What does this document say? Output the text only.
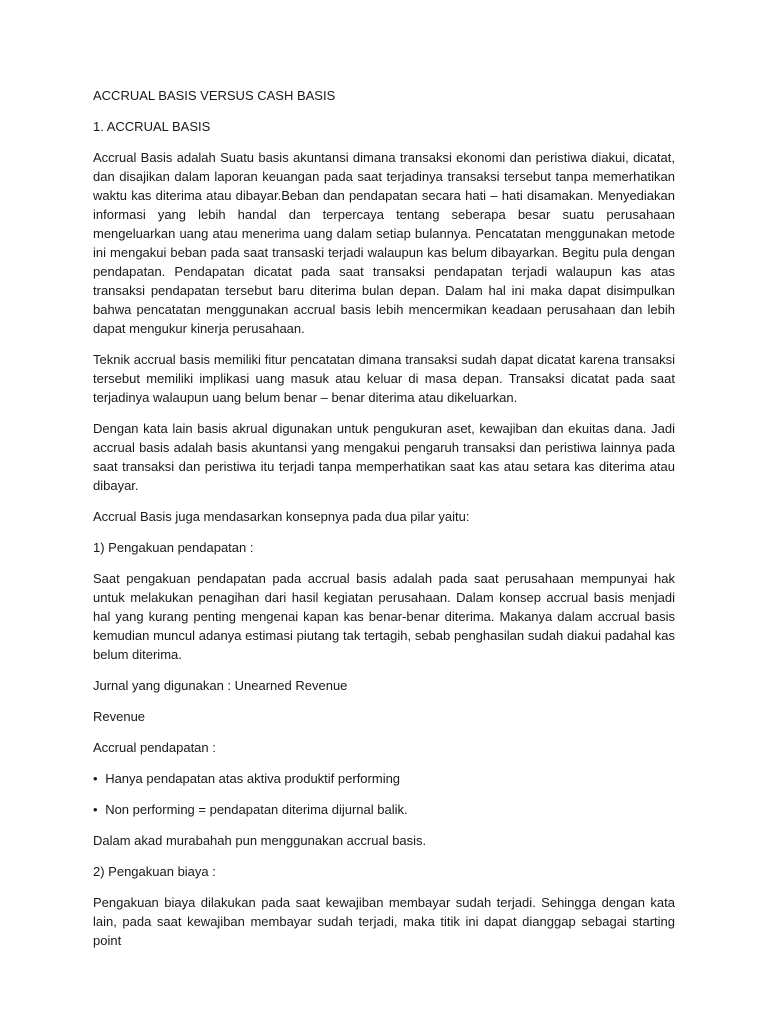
ACCRUAL BASIS VERSUS CASH BASIS

1. ACCRUAL BASIS

Accrual Basis adalah Suatu basis akuntansi dimana transaksi ekonomi dan peristiwa diakui, dicatat, dan disajikan dalam laporan keuangan pada saat terjadinya transaksi tersebut tanpa memerhatikan waktu kas diterima atau dibayar.Beban dan pendapatan secara hati – hati disamakan. Menyediakan informasi yang lebih handal dan terpercaya tentang seberapa besar suatu perusahaan mengeluarkan uang atau menerima uang dalam setiap bulannya. Pencatatan menggunakan metode ini mengakui beban pada saat transaski terjadi walaupun kas belum dibayarkan. Begitu pula dengan pendapatan. Pendapatan dicatat pada saat transaksi pendapatan terjadi walaupun kas atas transaksi pendapatan tersebut baru diterima bulan depan. Dalam hal ini maka dapat disimpulkan bahwa pencatatan menggunakan accrual basis lebih mencermikan keadaan perusahaan dan lebih dapat mengukur kinerja perusahaan.

Teknik accrual basis memiliki fitur pencatatan dimana transaksi sudah dapat dicatat karena transaksi tersebut memiliki implikasi uang masuk atau keluar di masa depan. Transaksi dicatat pada saat terjadinya walaupun uang belum benar – benar diterima atau dikeluarkan.

Dengan kata lain basis akrual digunakan untuk pengukuran aset, kewajiban dan ekuitas dana. Jadi accrual basis adalah basis akuntansi yang mengakui pengaruh transaksi dan peristiwa lainnya pada saat transaksi dan peristiwa itu terjadi tanpa memperhatikan saat kas atau setara kas diterima atau dibayar.

Accrual Basis juga mendasarkan konsepnya pada dua pilar yaitu:

1) Pengakuan pendapatan :

Saat pengakuan pendapatan pada accrual basis adalah pada saat perusahaan mempunyai hak untuk melakukan penagihan dari hasil kegiatan perusahaan. Dalam konsep accrual basis menjadi hal yang kurang penting mengenai kapan kas benar-benar diterima. Makanya dalam accrual basis kemudian muncul adanya estimasi piutang tak tertagih, sebab penghasilan sudah diakui padahal kas belum diterima.

Jurnal yang digunakan : Unearned Revenue

Revenue

Accrual pendapatan :

• Hanya pendapatan atas aktiva produktif performing
• Non performing = pendapatan diterima dijurnal balik.

Dalam akad murabahah pun menggunakan accrual basis.

2) Pengakuan biaya :

Pengakuan biaya dilakukan pada saat kewajiban membayar sudah terjadi. Sehingga dengan kata lain, pada saat kewajiban membayar sudah terjadi, maka titik ini dapat dianggap sebagai starting point
